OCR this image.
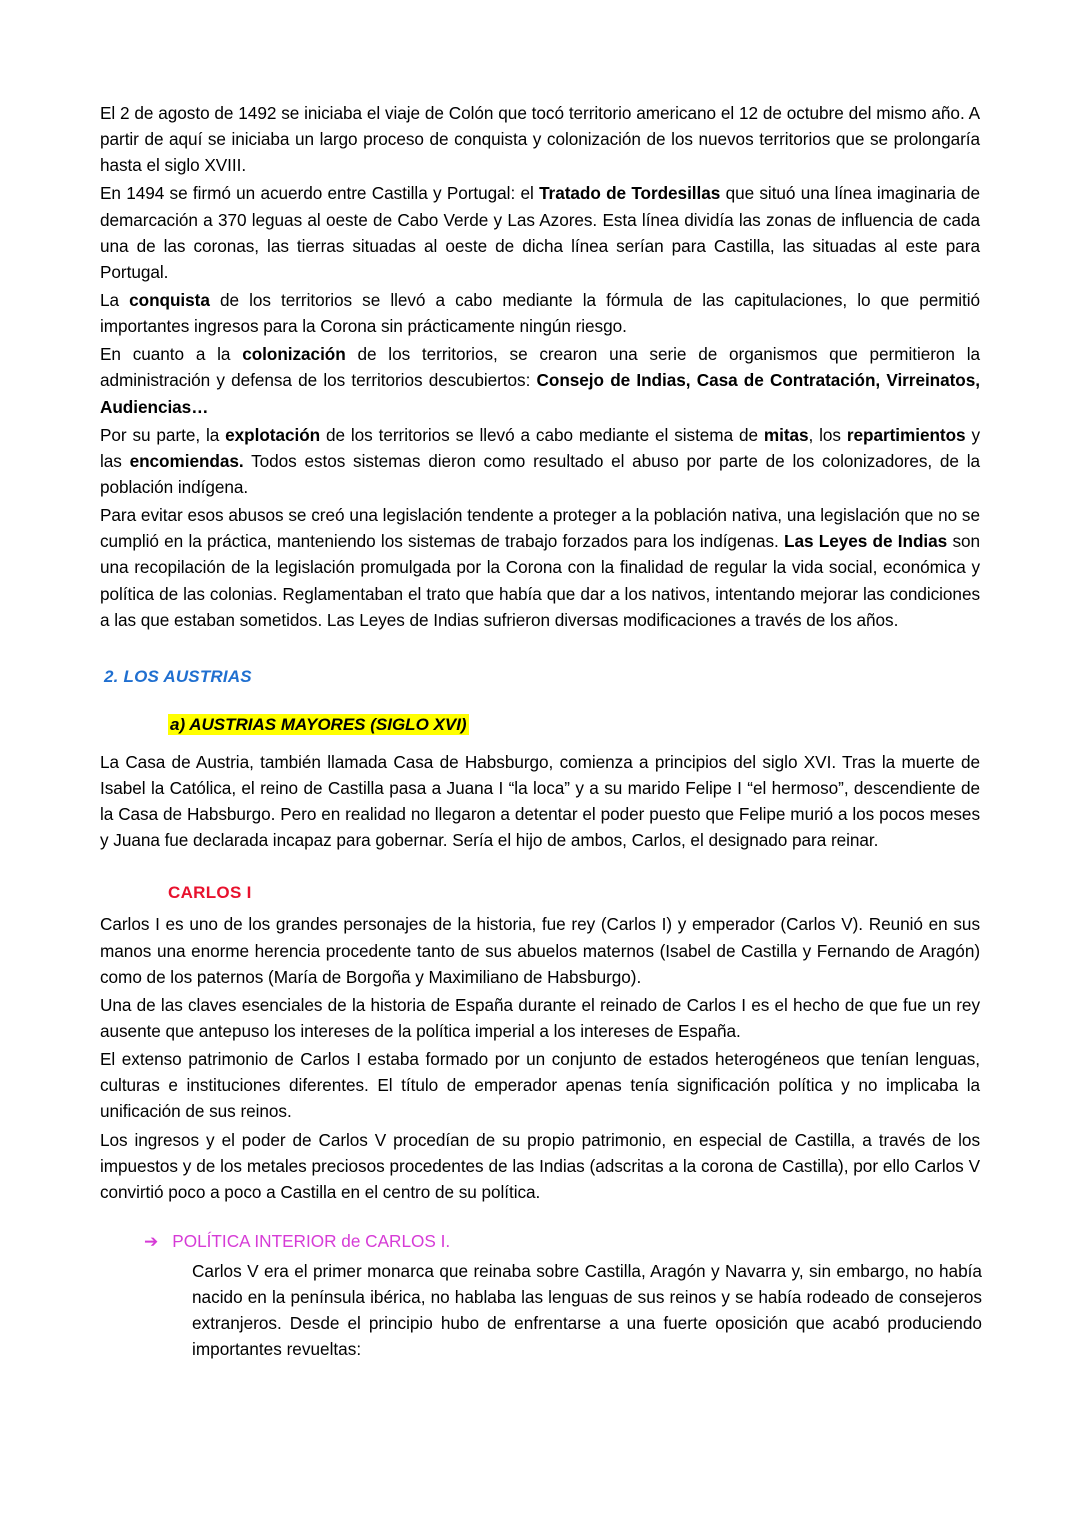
El 2 de agosto de 1492 se iniciaba el viaje de Colón que tocó territorio americano el 12 de octubre del mismo año. A partir de aquí se iniciaba un largo proceso de conquista y colonización de los nuevos territorios que se prolongaría hasta el siglo XVIII.

En 1494 se firmó un acuerdo entre Castilla y Portugal: el Tratado de Tordesillas que situó una línea imaginaria de demarcación a 370 leguas al oeste de Cabo Verde y Las Azores. Esta línea dividía las zonas de influencia de cada una de las coronas, las tierras situadas al oeste de dicha línea serían para Castilla, las situadas al este para Portugal.

La conquista de los territorios se llevó a cabo mediante la fórmula de las capitulaciones, lo que permitió importantes ingresos para la Corona sin prácticamente ningún riesgo.

En cuanto a la colonización de los territorios, se crearon una serie de organismos que permitieron la administración y defensa de los territorios descubiertos: Consejo de Indias, Casa de Contratación, Virreinatos, Audiencias…

Por su parte, la explotación de los territorios se llevó a cabo mediante el sistema de mitas, los repartimientos y las encomiendas. Todos estos sistemas dieron como resultado el abuso por parte de los colonizadores, de la población indígena.

Para evitar esos abusos se creó una legislación tendente a proteger a la población nativa, una legislación que no se cumplió en la práctica, manteniendo los sistemas de trabajo forzados para los indígenas. Las Leyes de Indias son una recopilación de la legislación promulgada por la Corona con la finalidad de regular la vida social, económica y política de las colonias. Reglamentaban el trato que había que dar a los nativos, intentando mejorar las condiciones a las que estaban sometidos. Las Leyes de Indias sufrieron diversas modificaciones a través de los años.

2. LOS AUSTRIAS
a) AUSTRIAS MAYORES (SIGLO XVI)

La Casa de Austria, también llamada Casa de Habsburgo, comienza a principios del siglo XVI. Tras la muerte de Isabel la Católica, el reino de Castilla pasa a Juana I “la loca” y a su marido Felipe I “el hermoso”, descendiente de la Casa de Habsburgo. Pero en realidad no llegaron a detentar el poder puesto que Felipe murió a los pocos meses y Juana fue declarada incapaz para gobernar. Sería el hijo de ambos, Carlos, el designado para reinar.

CARLOS I

Carlos I es uno de los grandes personajes de la historia, fue rey (Carlos I) y emperador (Carlos V). Reunió en sus manos una enorme herencia procedente tanto de sus abuelos maternos (Isabel de Castilla y Fernando de Aragón) como de los paternos (María de Borgoña y Maximiliano de Habsburgo).

Una de las claves esenciales de la historia de España durante el reinado de Carlos I es el hecho de que fue un rey ausente que antepuso los intereses de la política imperial a los intereses de España.

El extenso patrimonio de Carlos I estaba formado por un conjunto de estados heterogéneos que tenían lenguas, culturas e instituciones diferentes. El título de emperador apenas tenía significación política y no implicaba la unificación de sus reinos.

Los ingresos y el poder de Carlos V procedían de su propio patrimonio, en especial de Castilla, a través de los impuestos y de los metales preciosos procedentes de las Indias (adscritas a la corona de Castilla), por ello Carlos V convirtió poco a poco a Castilla en el centro de su política.

➔ POLÍTICA INTERIOR de CARLOS I.
Carlos V era el primer monarca que reinaba sobre Castilla, Aragón y Navarra y, sin embargo, no había nacido en la península ibérica, no hablaba las lenguas de sus reinos y se había rodeado de consejeros extranjeros. Desde el principio hubo de enfrentarse a una fuerte oposición que acabó produciendo importantes revueltas:
